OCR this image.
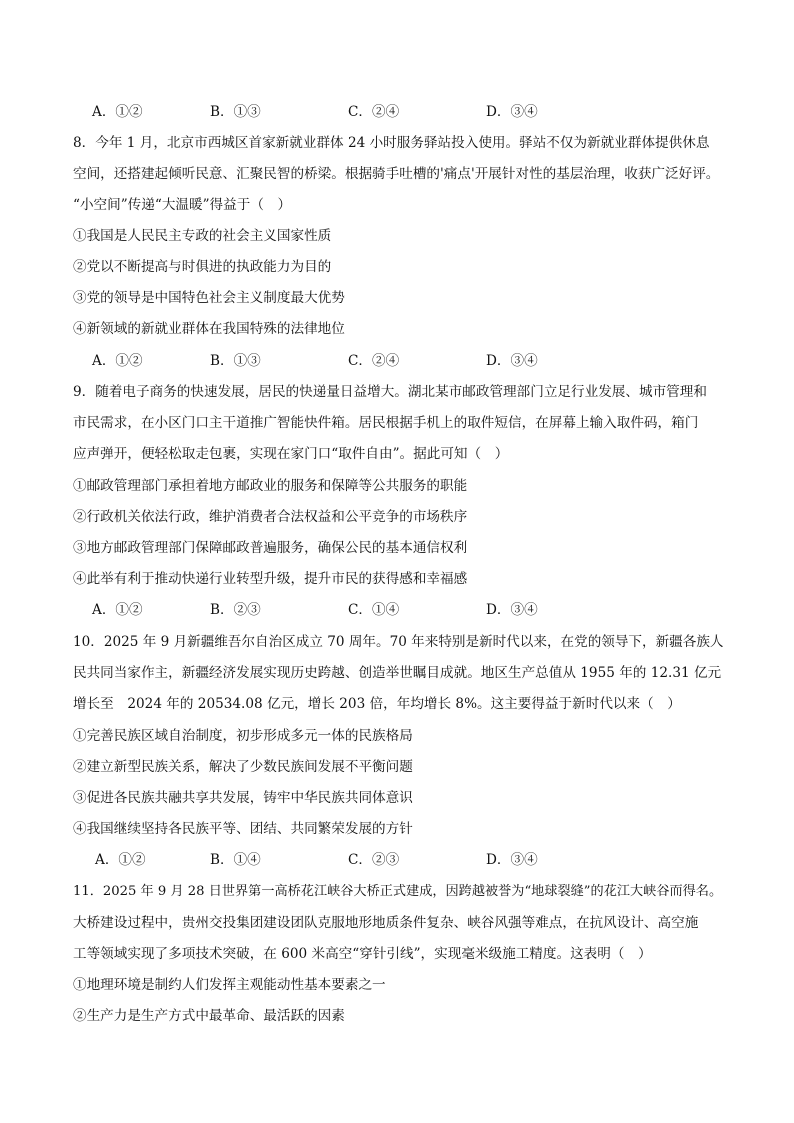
A．①②	B．①③	C．②④	D．③④
8．今年 1 月，北京市西城区首家新就业群体 24 小时服务驿站投入使用。驿站不仅为新就业群体提供休息
空间，还搭建起倾听民意、汇聚民智的桥梁。根据骑手吐槽的'痛点'开展针对性的基层治理，收获广泛好评。
“小空间”传递“大温暖”得益于（　）
①我国是人民民主专政的社会主义国家性质
②党以不断提高与时俱进的执政能力为目的
③党的领导是中国特色社会主义制度最大优势
④新领域的新就业群体在我国特殊的法律地位
A．①②	B．①③	C．②④	D．③④
9．随着电子商务的快速发展，居民的快递量日益增大。湖北某市邮政管理部门立足行业发展、城市管理和
市民需求，在小区门口主干道推广智能快件箱。居民根据手机上的取件短信，在屏幕上输入取件码，箱门
应声弹开，便轻松取走包裹，实现在家门口“取件自由”。据此可知（　）
①邮政管理部门承担着地方邮政业的服务和保障等公共服务的职能
②行政机关依法行政，维护消费者合法权益和公平竞争的市场秩序
③地方邮政管理部门保障邮政普遍服务，确保公民的基本通信权利
④此举有利于推动快递行业转型升级，提升市民的获得感和幸福感
A．①②	B．②③	C．①④	D．③④
10．2025 年 9 月新疆维吾尔自治区成立 70 周年。70 年来特别是新时代以来，在党的领导下，新疆各族人
民共同当家作主，新疆经济发展实现历史跨越、创造举世瞩目成就。地区生产总值从 1955 年的 12.31 亿元
增长至　2024 年的 20534.08 亿元，增长 203 倍，年均增长 8%。这主要得益于新时代以来（　）
①完善民族区域自治制度，初步形成多元一体的民族格局
②建立新型民族关系，解决了少数民族间发展不平衡问题
③促进各民族共融共享共发展，铸牢中华民族共同体意识
④我国继续坚持各民族平等、团结、共同繁荣发展的方针
A．①②	B．①④	C．②③	D．③④
11．2025 年 9 月 28 日世界第一高桥花江峡谷大桥正式建成，因跨越被誉为“地球裂缝”的花江大峡谷而得名。
大桥建设过程中，贵州交投集团建设团队克服地形地质条件复杂、峡谷风强等难点，在抗风设计、高空施
工等领域实现了多项技术突破，在 600 米高空“穿针引线”，实现毫米级施工精度。这表明（　）
①地理环境是制约人们发挥主观能动性基本要素之一
②生产力是生产方式中最革命、最活跃的因素
